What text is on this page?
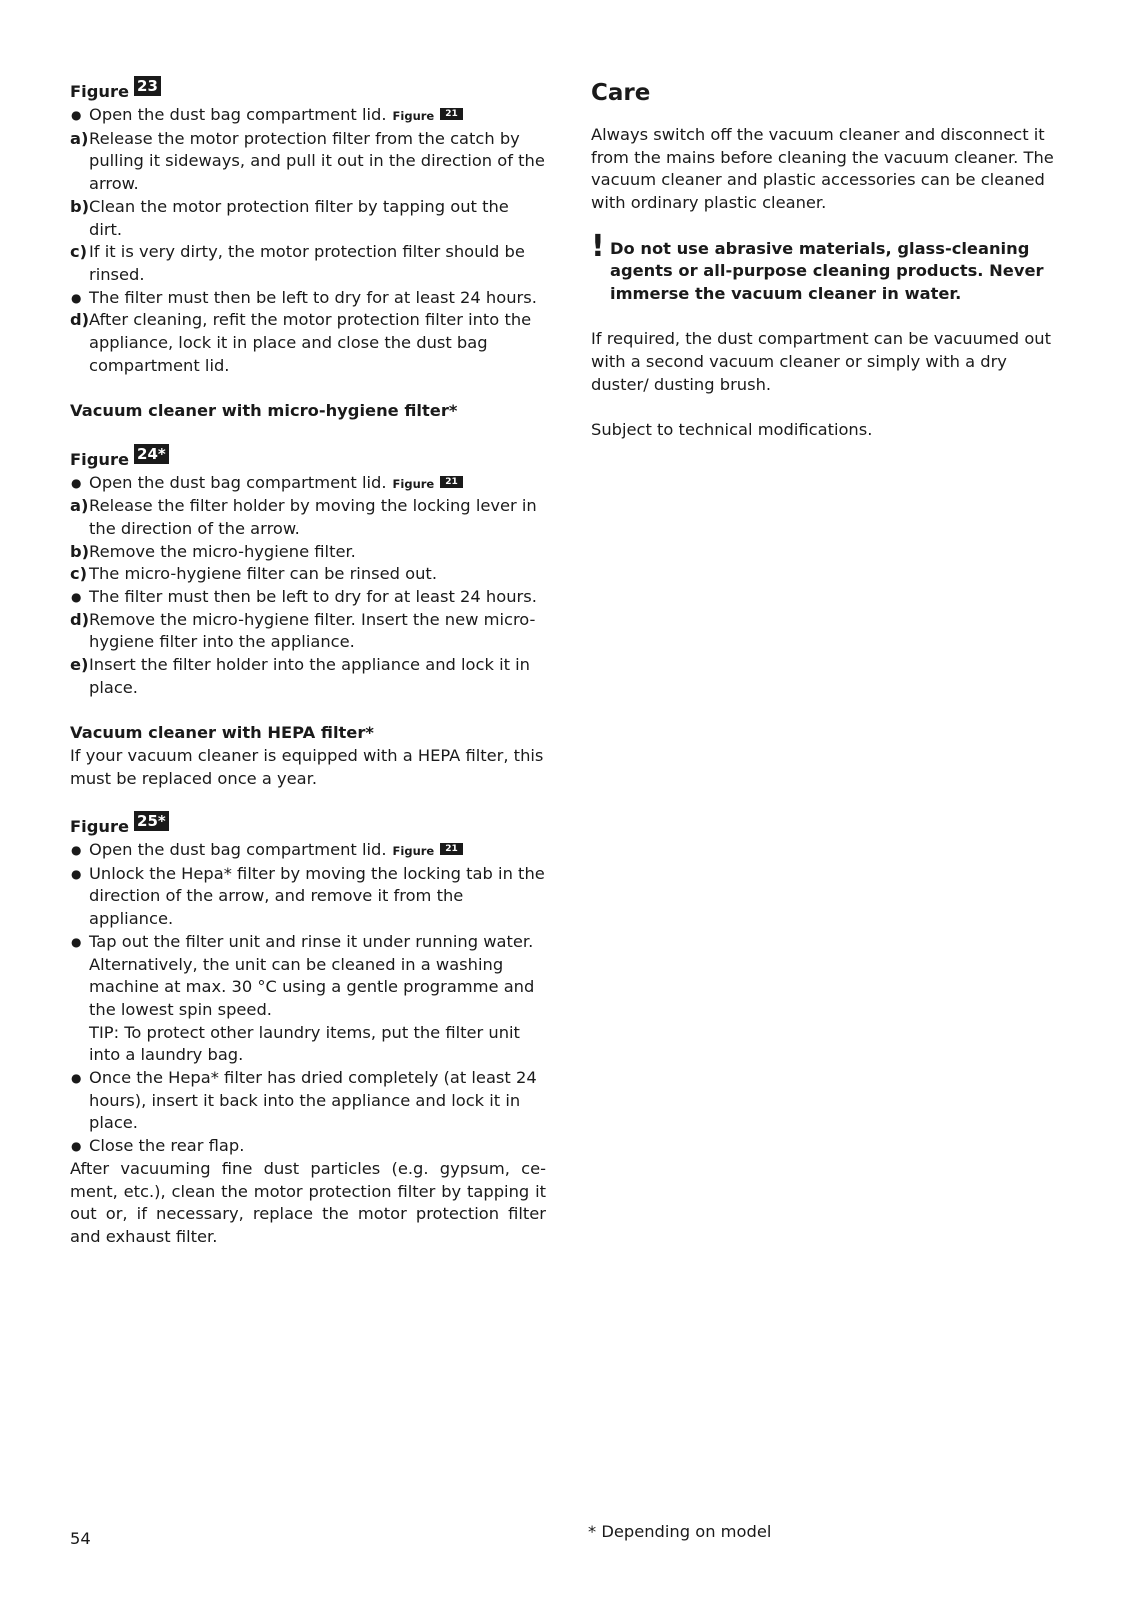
Figure 23

● Open the dust bag compartment lid. Figure 21

a) Release the motor protection filter from the catch by pulling it sideways, and pull it out in the direction of the arrow.

b) Clean the motor protection filter by tapping out the dirt.

c) If it is very dirty, the motor protection filter should be rinsed.

● The filter must then be left to dry for at least 24 hours.

d) After cleaning, refit the motor protection filter into the appliance, lock it in place and close the dust bag compartment lid.

Vacuum cleaner with micro-hygiene filter*

Figure 24*

● Open the dust bag compartment lid. Figure 21

a) Release the filter holder by moving the locking lever in the direction of the arrow.

b) Remove the micro-hygiene filter.

c) The micro-hygiene filter can be rinsed out.

● The filter must then be left to dry for at least 24 hours.

d) Remove the micro-hygiene filter. Insert the new micro-hygiene filter into the appliance.

e) Insert the filter holder into the appliance and lock it in place.

Vacuum cleaner with HEPA filter*

If your vacuum cleaner is equipped with a HEPA filter, this must be replaced once a year.

Figure 25*

● Open the dust bag compartment lid. Figure 21

● Unlock the Hepa* filter by moving the locking tab in the direction of the arrow, and remove it from the appliance.

● Tap out the filter unit and rinse it under running water.

Alternatively, the unit can be cleaned in a washing machine at max. 30 °C using a gentle programme and the lowest spin speed.

TIP: To protect other laundry items, put the filter unit into a laundry bag.

● Once the Hepa* filter has dried completely (at least 24 hours), insert it back into the appliance and lock it in place.

● Close the rear flap.

After vacuuming fine dust particles (e.g. gypsum, ce-ment, etc.), clean the motor protection filter by tapping it out or, if necessary, replace the motor protection filter and exhaust filter.

Care

Always switch off the vacuum cleaner and disconnect it from the mains before cleaning the vacuum cleaner. The vacuum cleaner and plastic accessories can be cleaned with ordinary plastic cleaner.

! Do not use abrasive materials, glass-cleaning agents or all-purpose cleaning products. Never immerse the vacuum cleaner in water.

If required, the dust compartment can be vacuumed out with a second vacuum cleaner or simply with a dry duster/ dusting brush.

Subject to technical modifications.

54	* Depending on model
